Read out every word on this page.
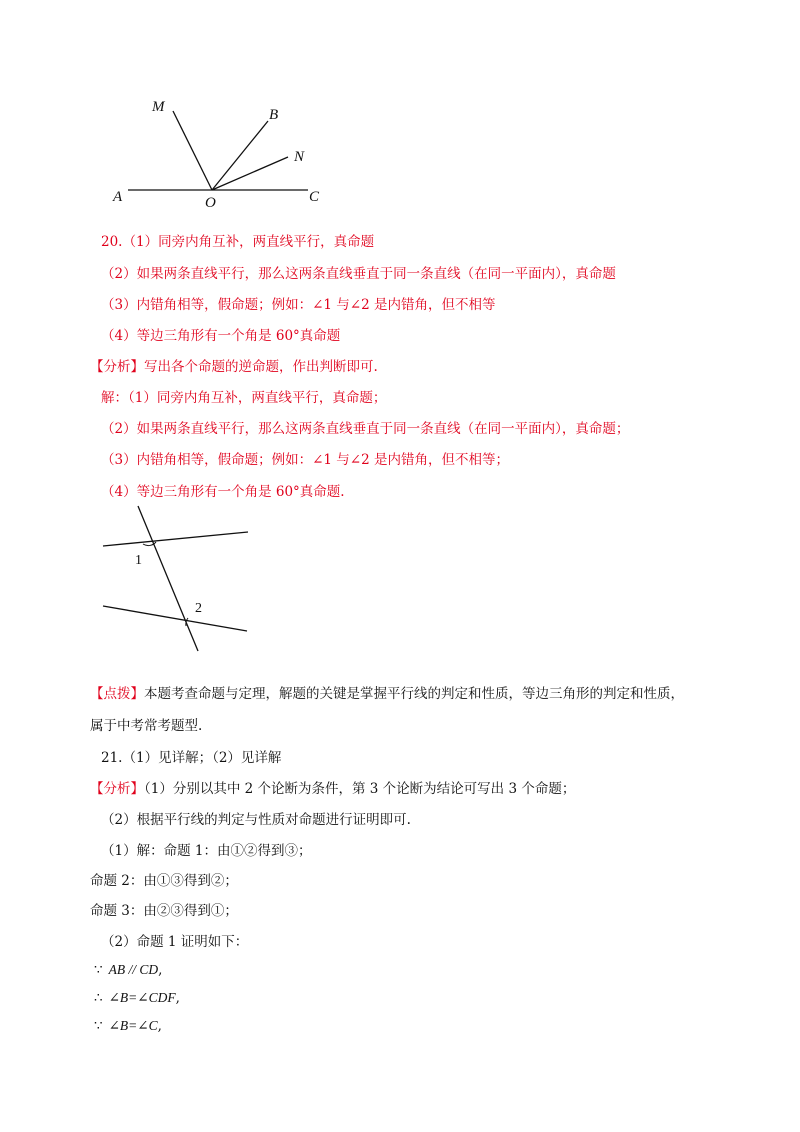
M	B
N
A	O	C
20.（1）同旁内角互补，两直线平行，真命题
（2）如果两条直线平行，那么这两条直线垂直于同一条直线（在同一平面内），真命题
（3）内错角相等，假命题；例如：∠1 与∠2 是内错角，但不相等
（4）等边三角形有一个角是 60°真命题
【分析】写出各个命题的逆命题，作出判断即可.
解：（1）同旁内角互补，两直线平行，真命题；
（2）如果两条直线平行，那么这两条直线垂直于同一条直线（在同一平面内），真命题；
（3）内错角相等，假命题；例如：∠1 与∠2 是内错角，但不相等；
（4）等边三角形有一个角是 60°真命题.
1
2
【点拨】本题考查命题与定理，解题的关键是掌握平行线的判定和性质，等边三角形的判定和性质，
属于中考常考题型.
21.（1）见详解；（2）见详解
【分析】（1）分别以其中 2 个论断为条件，第 3 个论断为结论可写出 3 个命题；
（2）根据平行线的判定与性质对命题进行证明即可.
（1）解：命题 1：由①②得到③；
命题 2：由①③得到②；
命题 3：由②③得到①；
（2）命题 1 证明如下：
∵ AB // CD,
∴ ∠B=∠CDF,
∵ ∠B=∠C,
